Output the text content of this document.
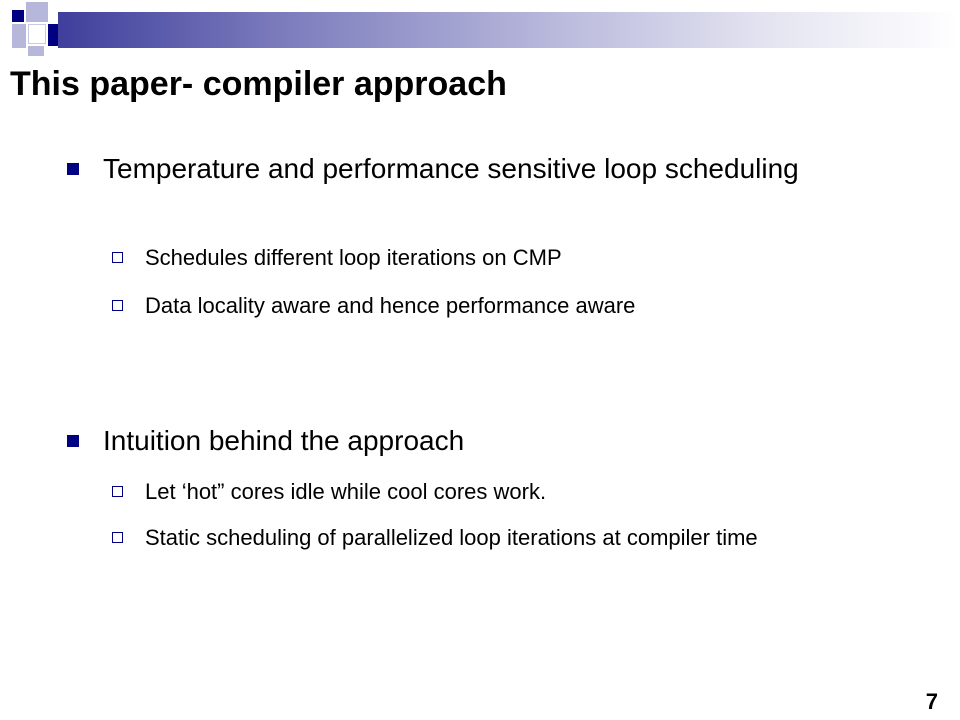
This paper- compiler approach
Temperature and performance sensitive loop scheduling
Schedules different loop iterations on CMP
Data locality aware and hence performance aware
Intuition behind the approach
Let ‘hot” cores idle while cool cores work.
Static scheduling of parallelized loop iterations at compiler time
7
